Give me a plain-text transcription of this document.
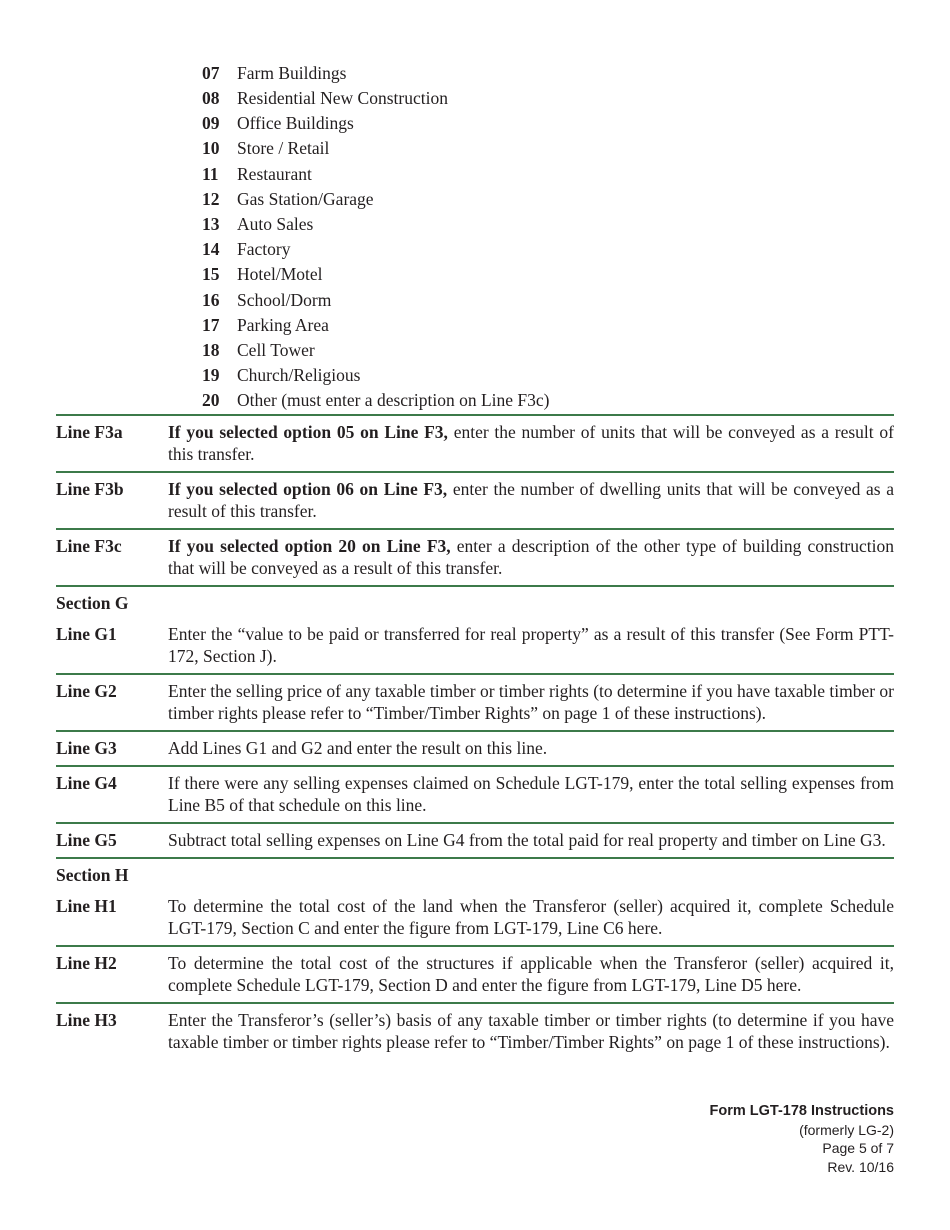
07	Farm Buildings
08	Residential New Construction
09	Office Buildings
10	Store / Retail
11	Restaurant
12	Gas Station/Garage
13	Auto Sales
14	Factory
15	Hotel/Motel
16	School/Dorm
17	Parking Area
18	Cell Tower
19	Church/Religious
20	Other (must enter a description on Line F3c)
Line F3a	If you selected option 05 on Line F3, enter the number of units that will be conveyed as a result of this transfer.
Line F3b	If you selected option 06 on Line F3, enter the number of dwelling units that will be conveyed as a result of this transfer.
Line F3c	If you selected option 20 on Line F3, enter a description of the other type of building construction that will be conveyed as a result of this transfer.
Section G
Line G1	Enter the “value to be paid or transferred for real property” as a result of this transfer (See Form PTT-172, Section J).
Line G2	Enter the selling price of any taxable timber or timber rights (to determine if you have taxable timber or timber rights please refer to “Timber/Timber Rights” on page 1 of these instructions).
Line G3	Add Lines G1 and G2 and enter the result on this line.
Line G4	If there were any selling expenses claimed on Schedule LGT-179, enter the total selling expenses from Line B5 of that schedule on this line.
Line G5	Subtract total selling expenses on Line G4 from the total paid for real property and timber on Line G3.
Section H
Line H1	To determine the total cost of the land when the Transferor (seller) acquired it, complete Schedule LGT-179, Section C and enter the figure from LGT-179, Line C6 here.
Line H2	To determine the total cost of the structures if applicable when the Transferor (seller) acquired it, complete Schedule LGT-179, Section D and enter the figure from LGT-179, Line D5 here.
Line H3	Enter the Transferor’s (seller’s) basis of any taxable timber or timber rights (to determine if you have taxable timber or timber rights please refer to “Timber/Timber Rights” on page 1 of these instructions).
Form LGT-178 Instructions
(formerly LG-2)
Page 5 of 7
Rev. 10/16
